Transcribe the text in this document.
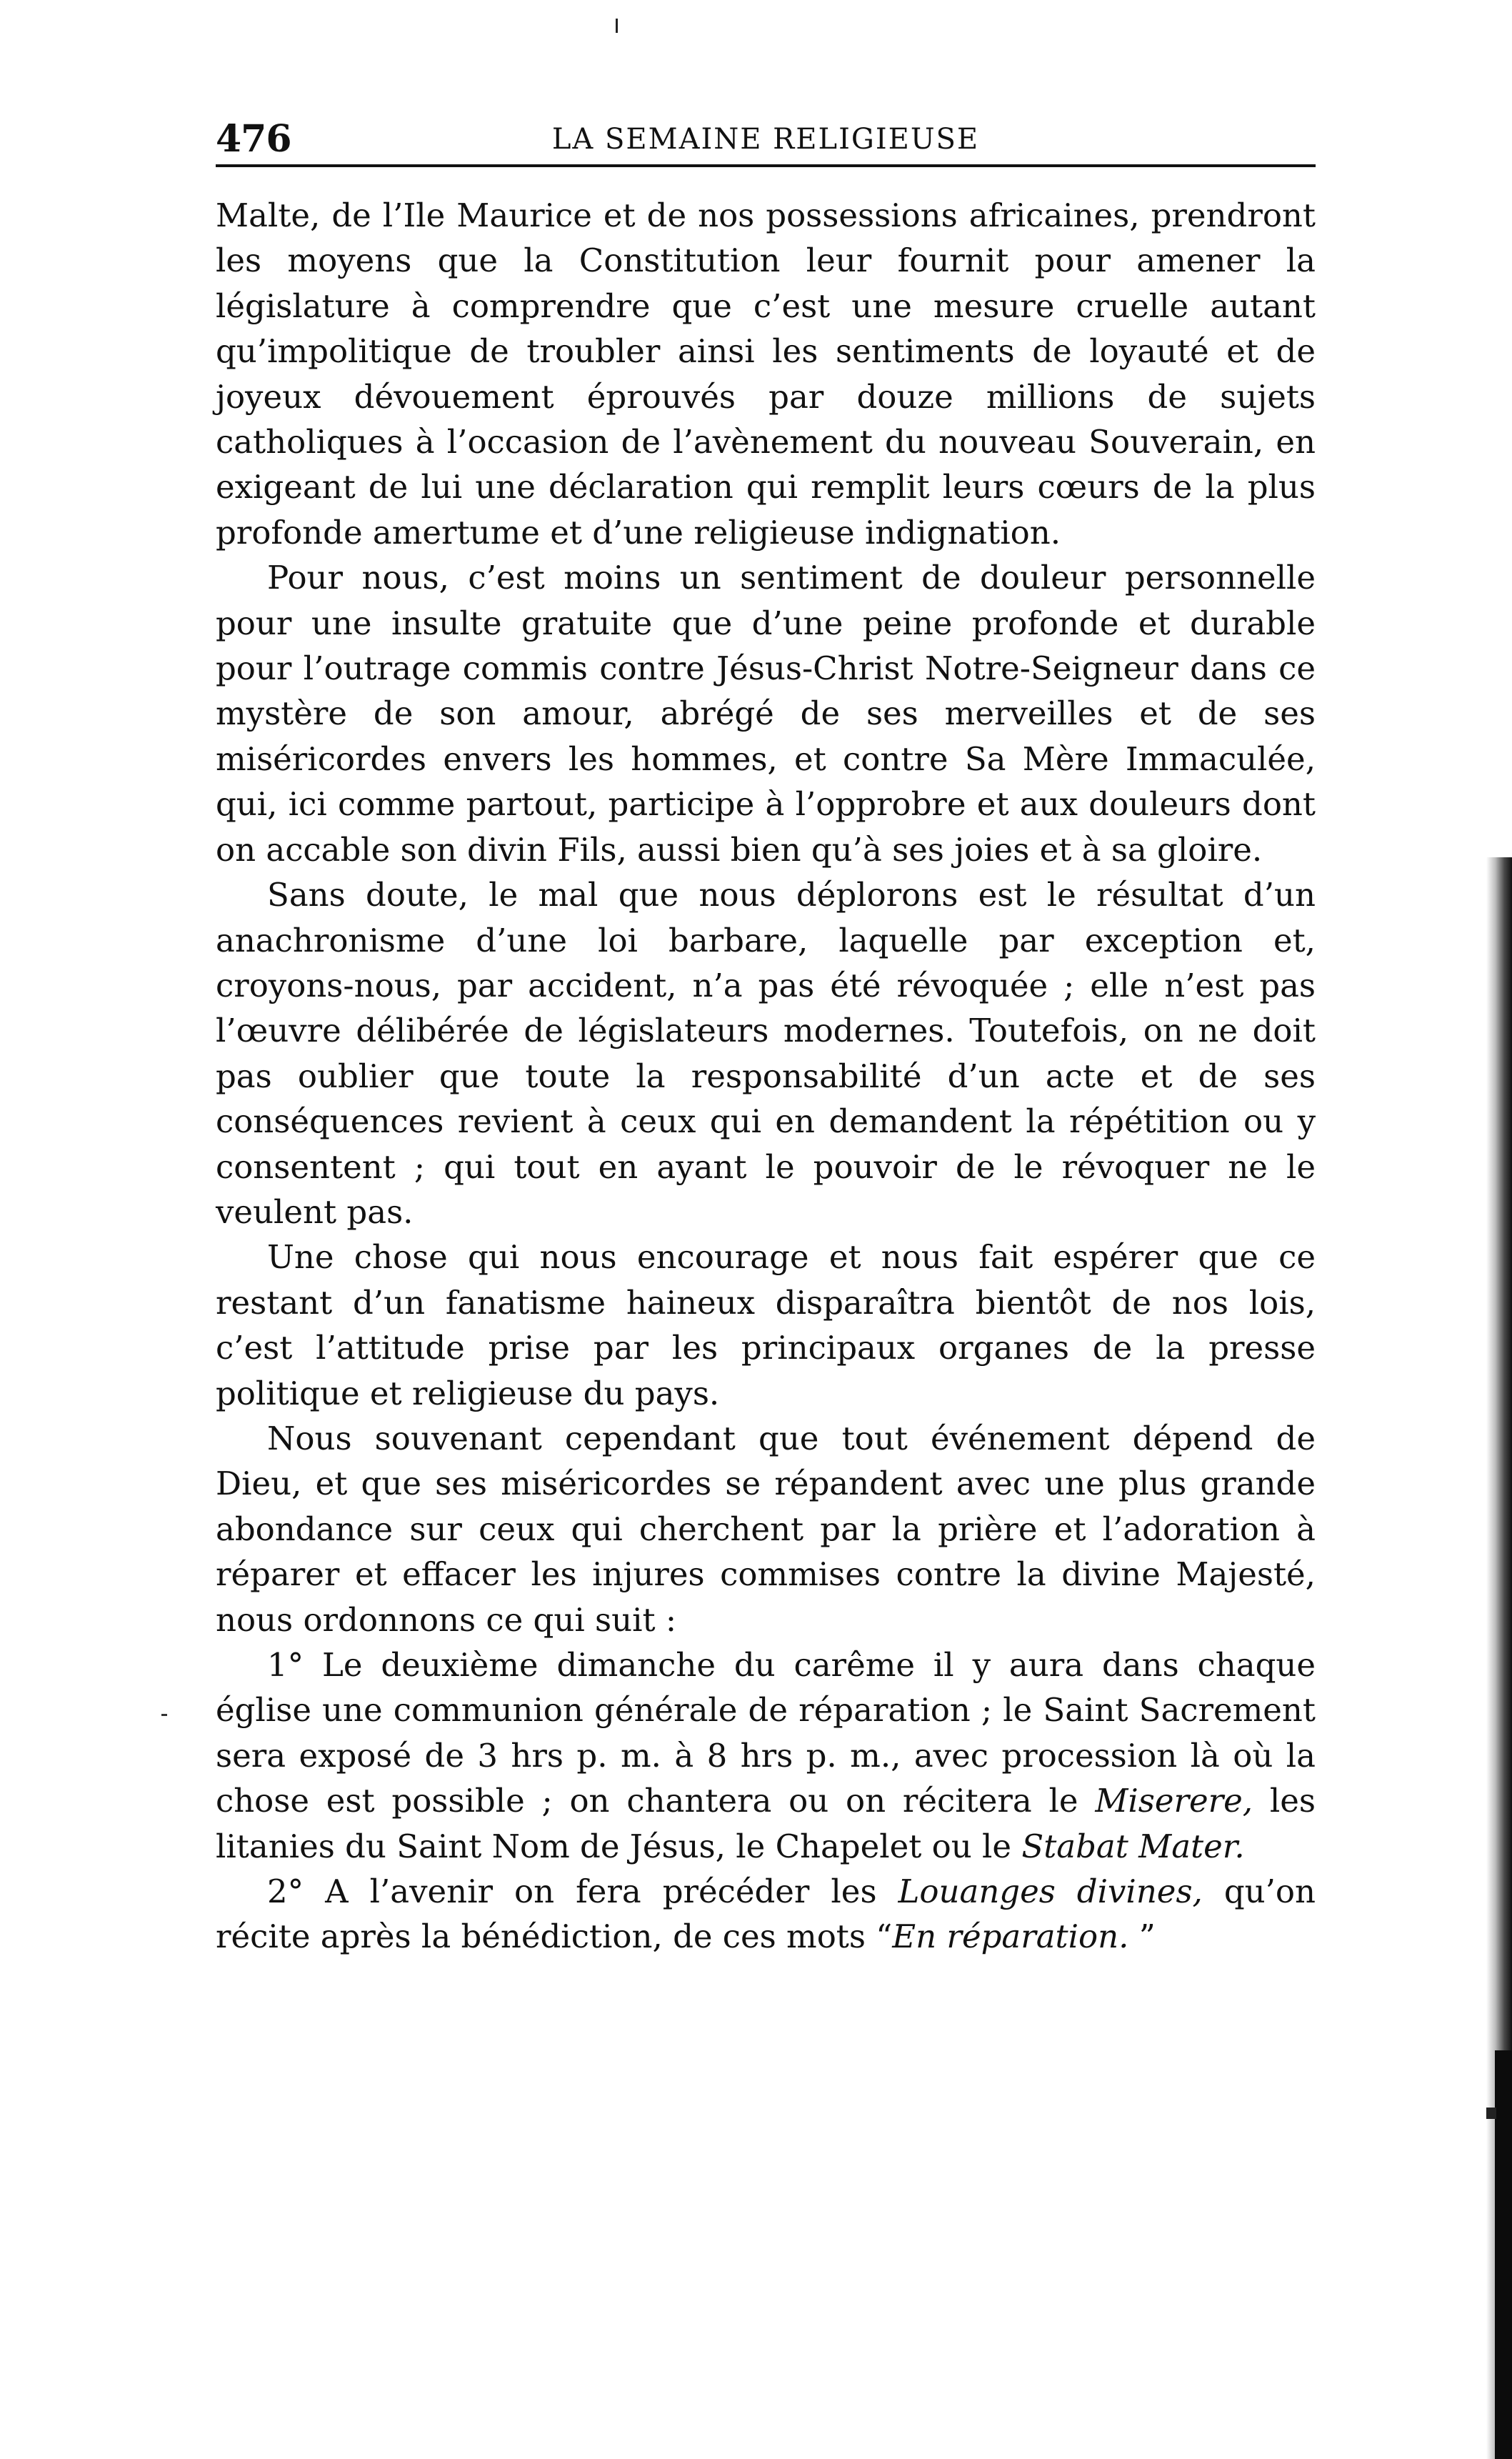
476	LA SEMAINE RELIGIEUSE

Malte, de l’Ile Maurice et de nos possessions africaines, prendront les moyens que la Constitution leur fournit pour amener la législature à comprendre que c’est une mesure cruelle autant qu’impolitique de troubler ainsi les sentiments de loyauté et de joyeux dévouement éprouvés par douze millions de sujets catholiques à l’occasion de l’avènement du nouveau Souverain, en exigeant de lui une déclaration qui remplit leurs cœurs de la plus profonde amertume et d’une religieuse indignation.

Pour nous, c’est moins un sentiment de douleur personnelle pour une insulte gratuite que d’une peine profonde et durable pour l’outrage commis contre Jésus-Christ Notre-Seigneur dans ce mystère de son amour, abrégé de ses merveilles et de ses miséricordes envers les hommes, et contre Sa Mère Immaculée, qui, ici comme partout, participe à l’opprobre et aux douleurs dont on accable son divin Fils, aussi bien qu’à ses joies et à sa gloire.

Sans doute, le mal que nous déplorons est le résultat d’un anachronisme d’une loi barbare, laquelle par exception et, croyons-nous, par accident, n’a pas été révoquée ; elle n’est pas l’œuvre délibérée de législateurs modernes. Toutefois, on ne doit pas oublier que toute la responsabilité d’un acte et de ses conséquences revient à ceux qui en demandent la répétition ou y consentent ; qui tout en ayant le pouvoir de le révoquer ne le veulent pas.

Une chose qui nous encourage et nous fait espérer que ce restant d’un fanatisme haineux disparaîtra bientôt de nos lois, c’est l’attitude prise par les principaux organes de la presse politique et religieuse du pays.

Nous souvenant cependant que tout événement dépend de Dieu, et que ses miséricordes se répandent avec une plus grande abondance sur ceux qui cherchent par la prière et l’adoration à réparer et effacer les injures commises contre la divine Majesté, nous ordonnons ce qui suit :

1° Le deuxième dimanche du carême il y aura dans chaque église une communion générale de réparation ; le Saint Sacrement sera exposé de 3 hrs p. m. à 8 hrs p. m., avec procession là où la chose est possible ; on chantera ou on récitera le Miserere, les litanies du Saint Nom de Jésus, le Chapelet ou le Stabat Mater.

2° A l’avenir on fera précéder les Louanges divines, qu’on récite après la bénédiction, de ces mots “En réparation. ”
